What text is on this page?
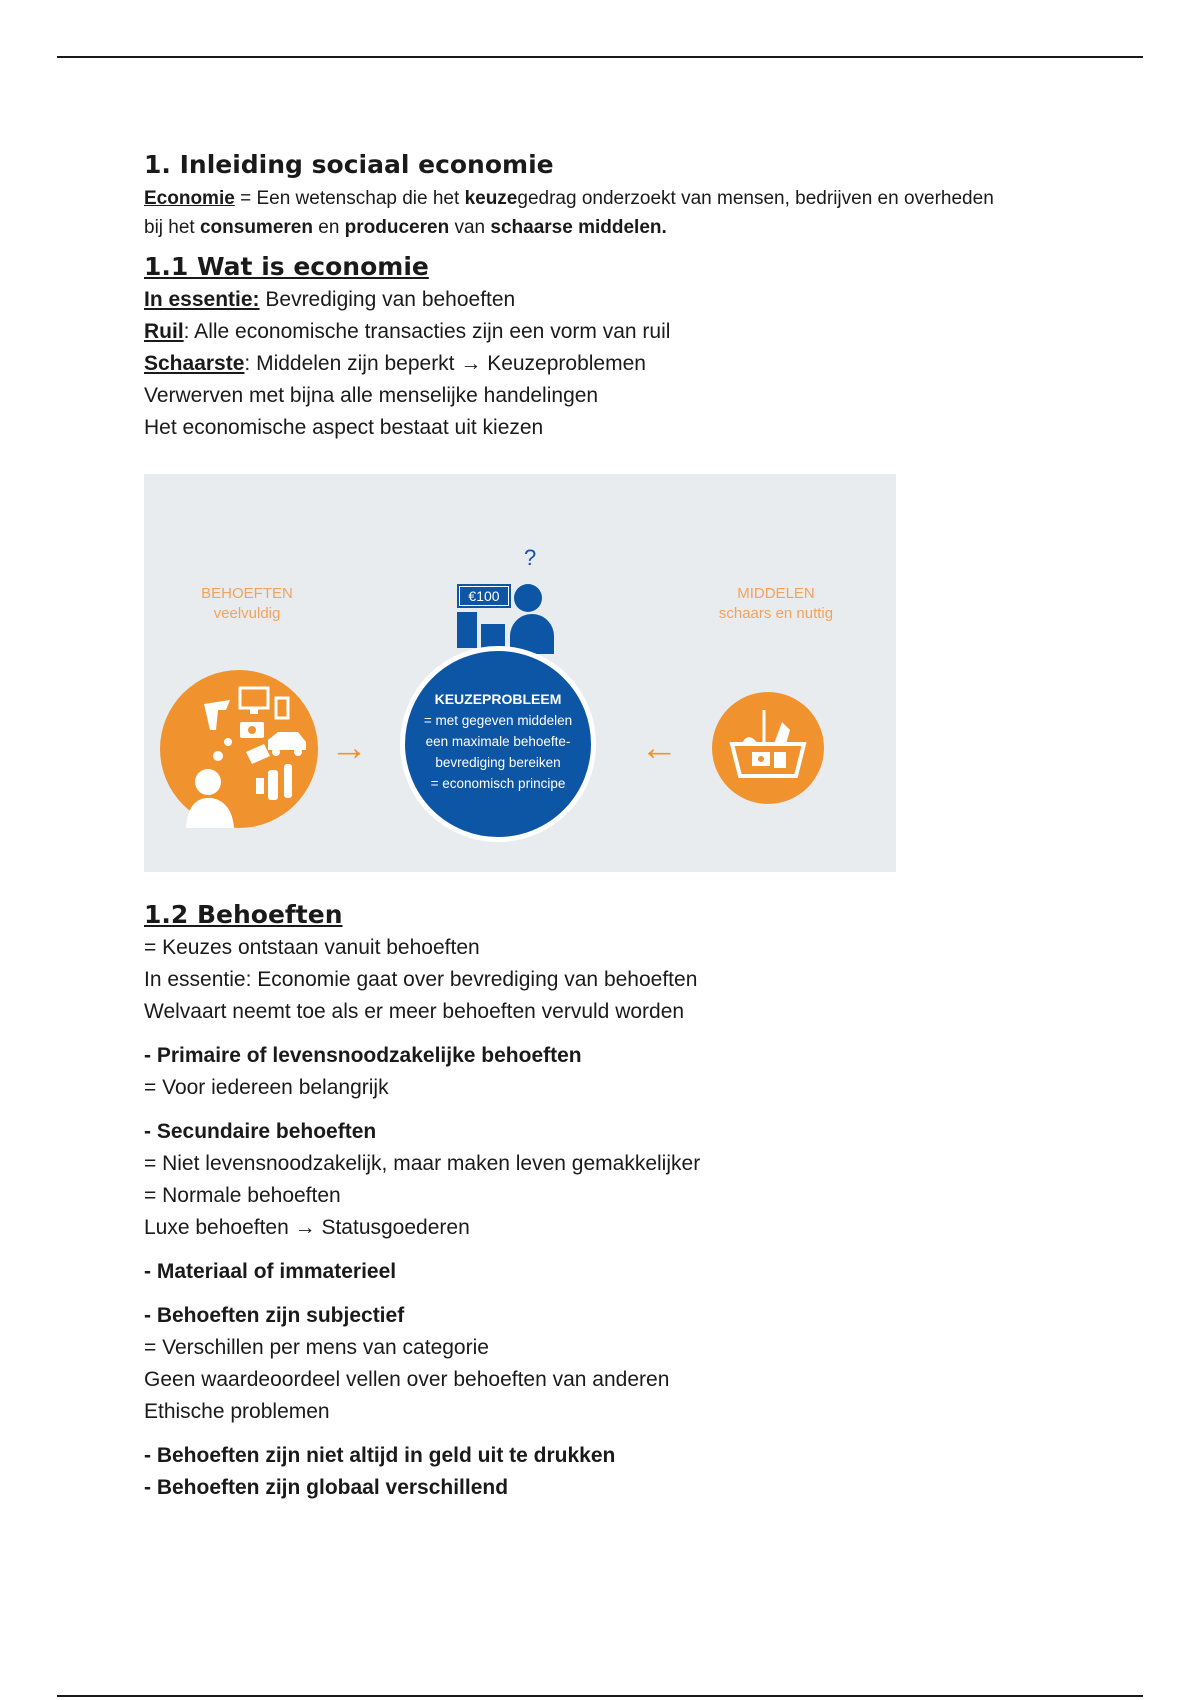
1. Inleiding sociaal economie
Economie = Een wetenschap die het keuzegedrag onderzoekt van mensen, bedrijven en overheden
bij het consumeren en produceren van schaarse middelen.
1.1 Wat is economie
In essentie: Bevrediging van behoeften
Ruil: Alle economische transacties zijn een vorm van ruil
Schaarste: Middelen zijn beperkt → Keuzeproblemen
Verwerven met bijna alle menselijke handelingen
Het economische aspect bestaat uit kiezen
BEHOEFTEN
veelvuldig
MIDDELEN
schaars en nuttig
→
?
€100
KEUZEPROBLEEM
= met gegeven middelen
een maximale behoefte-
bevrediging bereiken
= economisch principe
←
1.2 Behoeften
= Keuzes ontstaan vanuit behoeften
In essentie: Economie gaat over bevrediging van behoeften
Welvaart neemt toe als er meer behoeften vervuld worden
- Primaire of levensnoodzakelijke behoeften
= Voor iedereen belangrijk
- Secundaire behoeften
= Niet levensnoodzakelijk, maar maken leven gemakkelijker
= Normale behoeften
Luxe behoeften → Statusgoederen
- Materiaal of immaterieel
- Behoeften zijn subjectief
= Verschillen per mens van categorie
Geen waardeoordeel vellen over behoeften van anderen
Ethische problemen
- Behoeften zijn niet altijd in geld uit te drukken
- Behoeften zijn globaal verschillend
